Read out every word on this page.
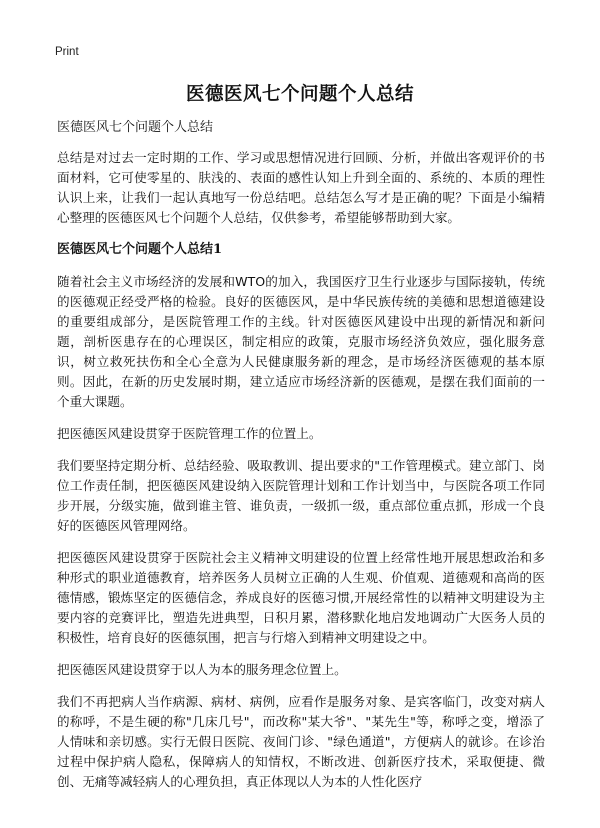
Print
医德医风七个问题个人总结

医德医风七个问题个人总结

总结是对过去一定时期的工作、学习或思想情况进行回顾、分析，并做出客观评价的书面材料，它可使零星的、肤浅的、表面的感性认知上升到全面的、系统的、本质的理性认识上来，让我们一起认真地写一份总结吧。总结怎么写才是正确的呢？下面是小编精心整理的医德医风七个问题个人总结，仅供参考，希望能够帮助到大家。

医德医风七个问题个人总结1

随着社会主义市场经济的发展和WTO的加入，我国医疗卫生行业逐步与国际接轨，传统的医德观正经受严格的检验。良好的医德医风，是中华民族传统的美德和思想道德建设的重要组成部分，是医院管理工作的主线。针对医德医风建设中出现的新情况和新问题，剖析医患存在的心理误区，制定相应的政策，克服市场经济负效应，强化服务意识，树立救死扶伤和全心全意为人民健康服务新的理念，是市场经济医德观的基本原则。因此，在新的历史发展时期，建立适应市场经济新的医德观，是摆在我们面前的一个重大课题。

把医德医风建设贯穿于医院管理工作的位置上。

我们要坚持定期分析、总结经验、吸取教训、提出要求的"工作管理模式。建立部门、岗位工作责任制，把医德医风建设纳入医院管理计划和工作计划当中，与医院各项工作同步开展，分级实施，做到谁主管、谁负责，一级抓一级，重点部位重点抓，形成一个良好的医德医风管理网络。

把医德医风建设贯穿于医院社会主义精神文明建设的位置上经常性地开展思想政治和多种形式的职业道德教育，培养医务人员树立正确的人生观、价值观、道德观和高尚的医德情感，锻炼坚定的医德信念，养成良好的医德习惯,开展经常性的以精神文明建设为主要内容的竞赛评比，塑造先进典型，日积月累，潜移默化地启发地调动广大医务人员的积极性，培育良好的医德氛围，把言与行熔入到精神文明建设之中。

把医德医风建设贯穿于以人为本的服务理念位置上。

我们不再把病人当作病源、病材、病例，应看作是服务对象、是宾客临门，改变对病人的称呼，不是生硬的称"几床几号"，而改称"某大爷"、"某先生"等，称呼之变，增添了人情味和亲切感。实行无假日医院、夜间门诊、"绿色通道"，方便病人的就诊。在诊治过程中保护病人隐私，保障病人的知情权，不断改进、创新医疗技术，采取便捷、微创、无痛等减轻病人的心理负担，真正体现以人为本的人性化医疗
